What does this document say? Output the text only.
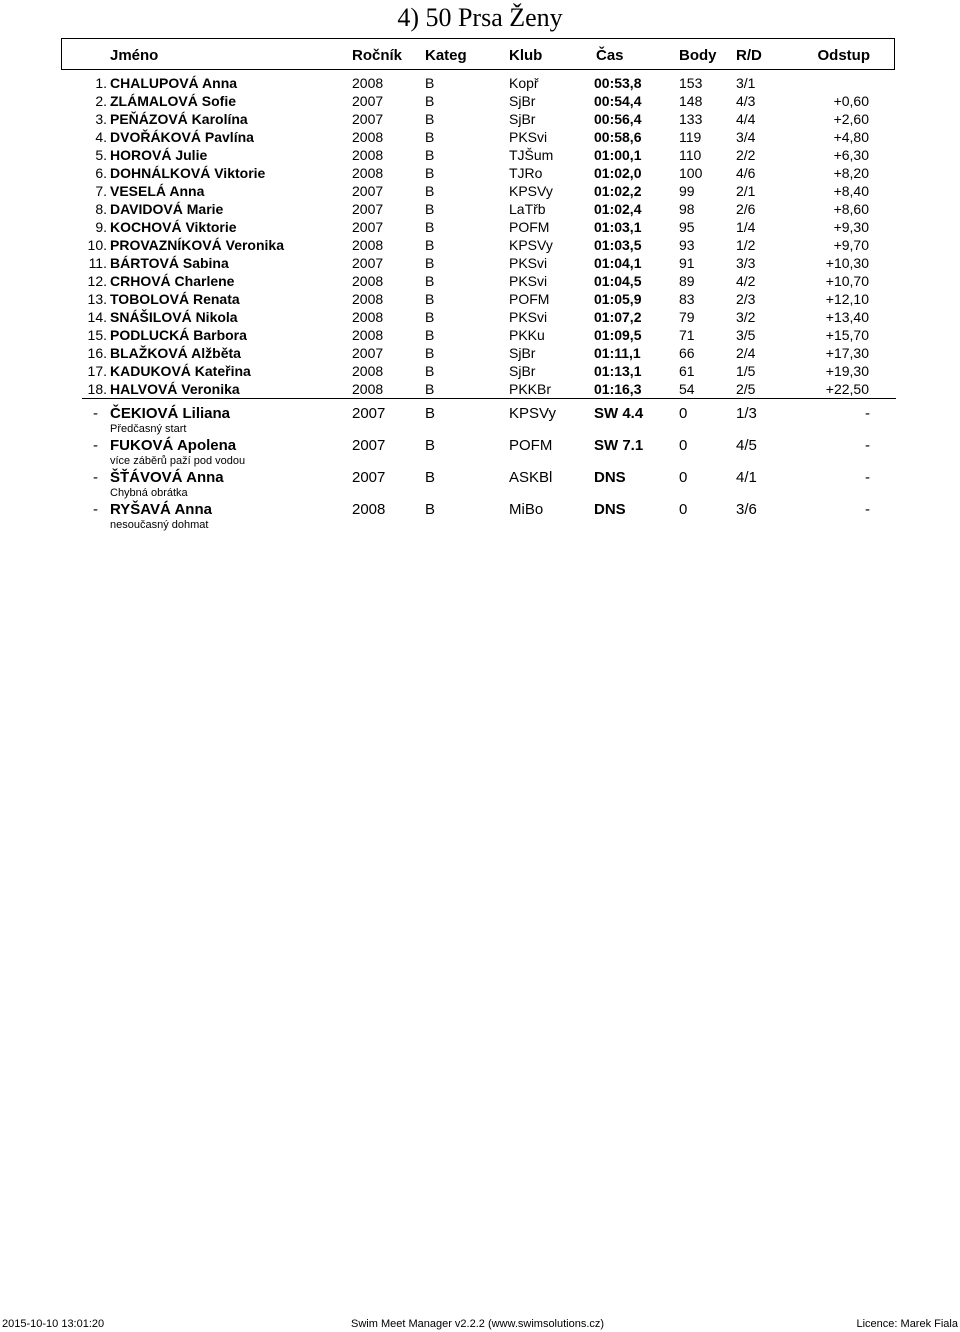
4) 50 Prsa Ženy
Jméno	Ročník Kateg	Klub	Čas	Body R/D	Odstup
1. CHALUPOVÁ Anna	2008	B	Kopř	00:53,8	153 3/1
2. ZLÁMALOVÁ Sofie	2007	B	SjBr	00:54,4	148 4/3	+0,60
3. PEŇÁZOVÁ Karolína	2007	B	SjBr	00:56,4	133 4/4	+2,60
4. DVOŘÁKOVÁ Pavlína	2008	B	PKSvi	00:58,6	119 3/4	+4,80
5. HOROVÁ Julie	2008	B	TJŠum	01:00,1	110 2/2	+6,30
6. DOHNÁLKOVÁ Viktorie	2008	B	TJRo	01:02,0	100 4/6	+8,20
7. VESELÁ Anna	2007	B	KPSVy	01:02,2	99	2/1	+8,40
8. DAVIDOVÁ Marie	2007	B	LaTřb	01:02,4	98	2/6	+8,60
9. KOCHOVÁ Viktorie	2007	B	POFM	01:03,1	95	1/4	+9,30
10. PROVAZNÍKOVÁ Veronika	2008	B	KPSVy	01:03,5	93	1/2	+9,70
11. BÁRTOVÁ Sabina	2007	B	PKSvi	01:04,1	91	3/3	+10,30
12. CRHOVÁ Charlene	2008	B	PKSvi	01:04,5	89	4/2	+10,70
13. TOBOLOVÁ Renata	2008	B	POFM	01:05,9	83	2/3	+12,10
14. SNÁŠILOVÁ Nikola	2008	B	PKSvi	01:07,2	79	3/2	+13,40
15. PODLUCKÁ Barbora	2008	B	PKKu	01:09,5	71	3/5	+15,70
16. BLAŽKOVÁ Alžběta	2007	B	SjBr	01:11,1	66	2/4	+17,30
17. KADUKOVÁ Kateřina	2008	B	SjBr	01:13,1	61	1/5	+19,30
18. HALVOVÁ Veronika	2008	B	PKKBr	01:16,3	54	2/5	+22,50
- ČEKIOVÁ Liliana	2007	B	KPSVy	SW 4.4 0	1/3	-
Předčasný start
- FUKOVÁ Apolena	2007	B	POFM	SW 7.1 0	4/5	-
více záběrů paží pod vodou
- ŠŤÁVOVÁ Anna	2007	B	ASKBl	DNS	0	4/1	-
Chybná obrátka
- RYŠAVÁ Anna	2008	B	MiBo	DNS	0	3/6	-
nesoučasný dohmat
2015-10-10 13:01:20	Swim Meet Manager v2.2.2 (www.swimsolutions.cz)	Licence: Marek Fiala
